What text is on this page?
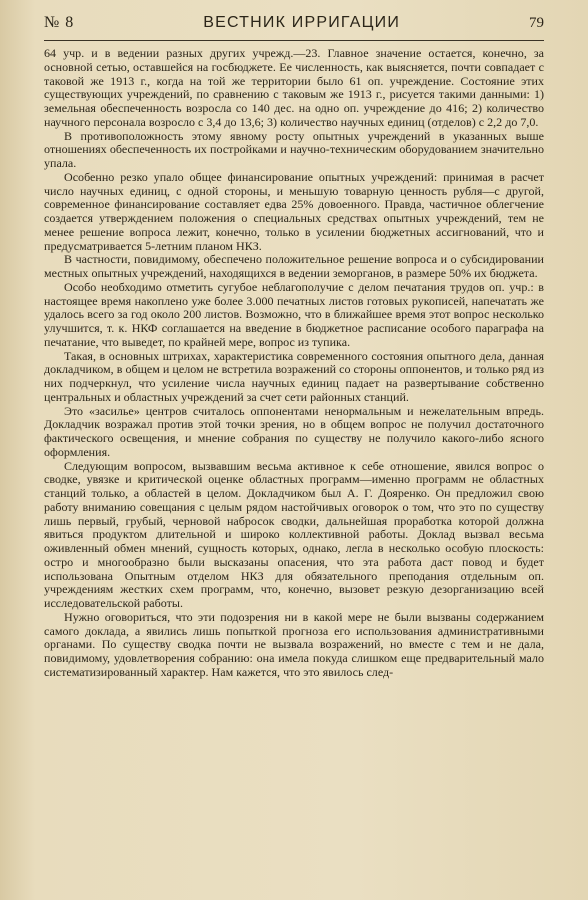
№ 8	ВЕСТНИК ИРРИГАЦИИ	79

64 учр. и в ведении разных других учрежд.—23. Главное значение остается, конечно, за основной сетью, оставшейся на госбюджете. Ее численность, как выясняется, почти совпадает с таковой же 1913 г., когда на той же территории было 61 оп. учреждение. Состояние этих существующих учреждений, по сравнению с таковым же 1913 г., рисуется такими данными: 1) земельная обеспеченность возросла со 140 дес. на одно оп. учреждение до 416; 2) количество научного персонала возросло с 3,4 до 13,6; 3) количество научных единиц (отделов) с 2,2 до 7,0.

В противоположность этому явному росту опытных учреждений в указанных выше отношениях обеспеченность их постройками и научно-техническим оборудованием значительно упала.

Особенно резко упало общее финансирование опытных учреждений: принимая в расчет число научных единиц, с одной стороны, и меньшую товарную ценность рубля—с другой, современное финансирование составляет едва 25% довоенного. Правда, частичное облегчение создается утверждением положения о специальных средствах опытных учреждений, тем не менее решение вопроса лежит, конечно, только в усилении бюджетных ассигнований, что и предусматривается 5-летним планом НКЗ.

В частности, повидимому, обеспечено положительное решение вопроса и о субсидировании местных опытных учреждений, находящихся в ведении земорганов, в размере 50% их бюджета.

Особо необходимо отметить сугубое неблагополучие с делом печатания трудов оп. учр.: в настоящее время накоплено уже более 3.000 печатных листов готовых рукописей, напечатать же удалось всего за год около 200 листов. Возможно, что в ближайшее время этот вопрос несколько улучшится, т. к. НКФ соглашается на введение в бюджетное расписание особого параграфа на печатание, что выведет, по крайней мере, вопрос из тупика.

Такая, в основных штрихах, характеристика современного состояния опытного дела, данная докладчиком, в общем и целом не встретила возражений со стороны оппонентов, и только ряд из них подчеркнул, что усиление числа научных единиц падает на развертывание собственно центральных и областных учреждений за счет сети районных станций.

Это «засилье» центров считалось оппонентами ненормальным и нежелательным впредь. Докладчик возражал против этой точки зрения, но в общем вопрос не получил достаточного фактического освещения, и мнение собрания по существу не получило какого-либо ясного оформления.

Следующим вопросом, вызвавшим весьма активное к себе отношение, явился вопрос о сводке, увязке и критической оценке областных программ—именно программ не областных станций только, а областей в целом. Докладчиком был А. Г. Дояренко. Он предложил свою работу вниманию совещания с целым рядом настойчивых оговорок о том, что это по существу лишь первый, грубый, черновой набросок сводки, дальнейшая проработка которой должна явиться продуктом длительной и широко коллективной работы. Доклад вызвал весьма оживленный обмен мнений, сущность которых, однако, легла в несколько особую плоскость: остро и многообразно были высказаны опасения, что эта работа даст повод и будет использована Опытным отделом НКЗ для обязательного преподания отдельным оп. учреждениям жестких схем программ, что, конечно, вызовет резкую дезорганизацию всей исследовательской работы.

Нужно оговориться, что эти подозрения ни в какой мере не были вызваны содержанием самого доклада, а явились лишь попыткой прогноза его использования административными органами. По существу сводка почти не вызвала возражений, но вместе с тем и не дала, повидимому, удовлетворения собранию: она имела покуда слишком еще предварительный мало систематизированный характер. Нам кажется, что это явилось след-
